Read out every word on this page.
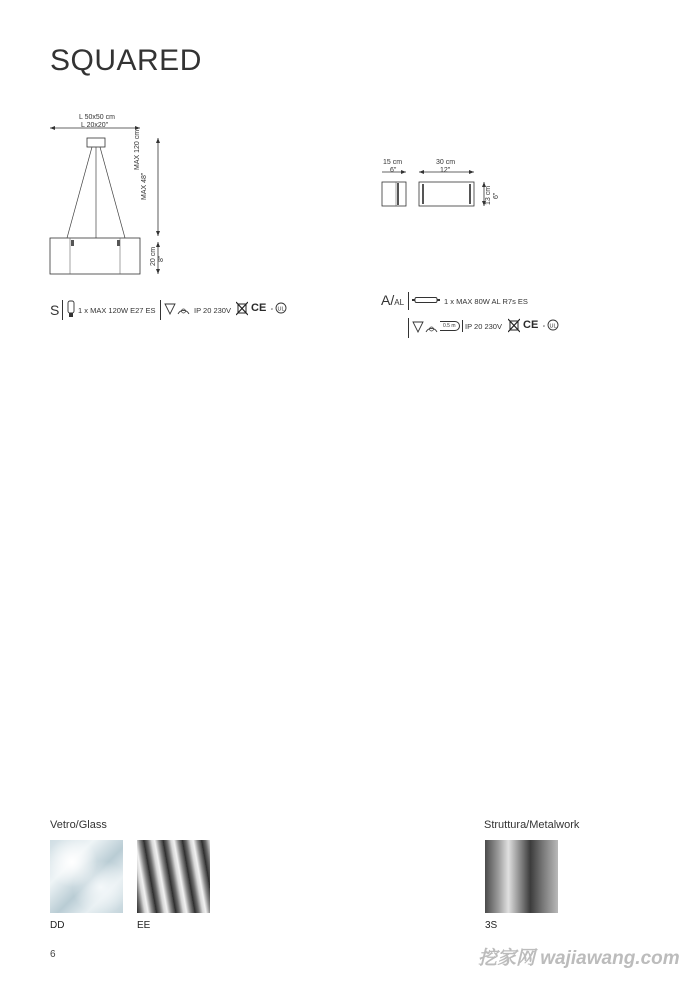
SQUARED
L 50x50 cm
L 20x20"
MAX 120 cm
MAX 48"
20 cm 8"
S 1 x MAX 120W E27 ES	IP 20 230V CE UL
c
15 cm
6"
30 cm
12"
13 cm 6"
A/AL	1 x MAX 80W AL R7s ES
0.5 m	IP 20 230V CE UL
c
Vetro/Glass	Struttura/Metalwork
DD	EE	3S
6	挖家网 wajiawang.com
